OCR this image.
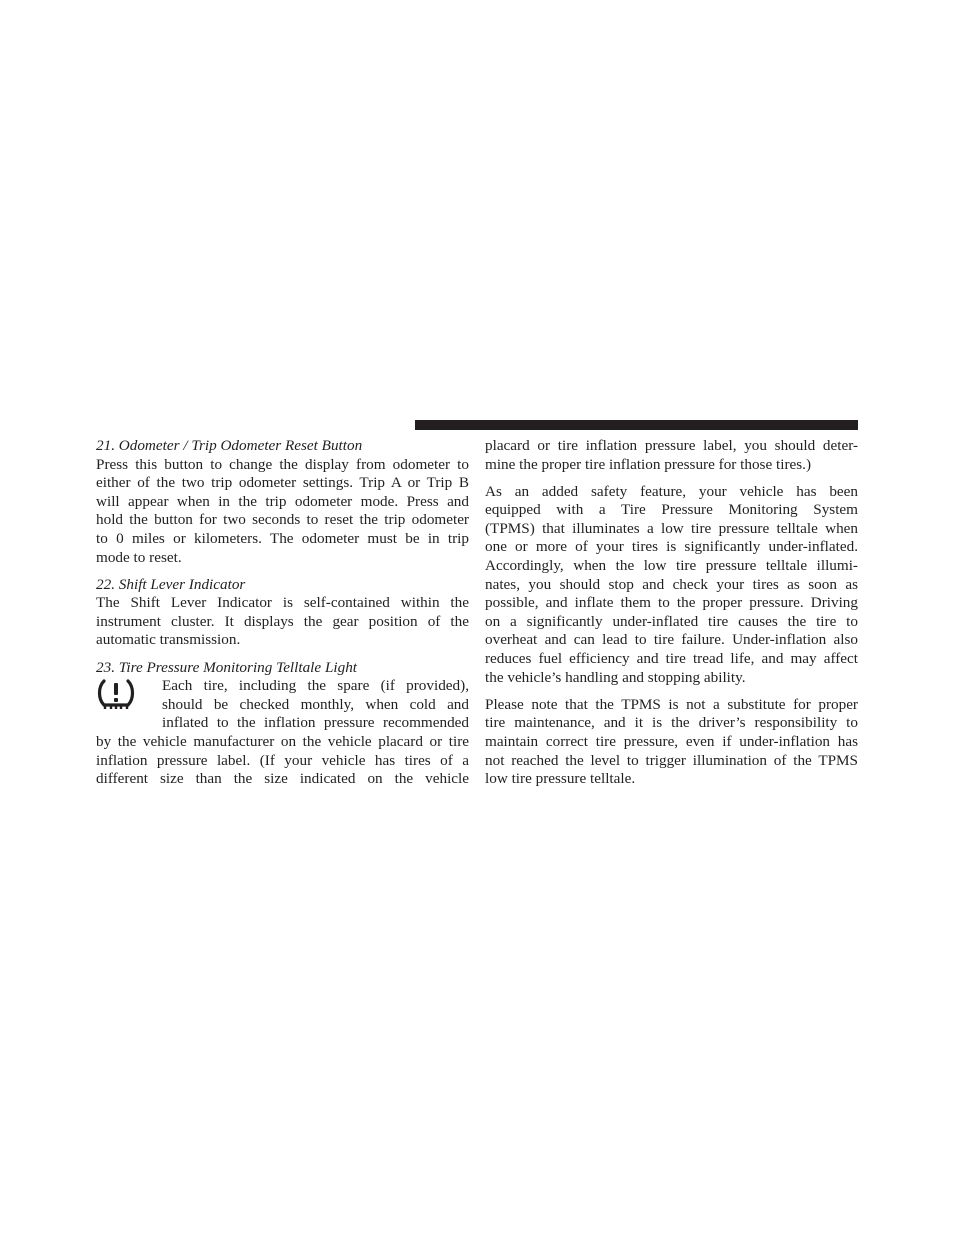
21. Odometer / Trip Odometer Reset Button

Press this button to change the display from odometer to
either of the two trip odometer settings. Trip A or Trip B
will appear when in the trip odometer mode. Press and
hold the button for two seconds to reset the trip odometer
to 0 miles or kilometers. The odometer must be in trip
mode to reset.

22. Shift Lever Indicator

The Shift Lever Indicator is self-contained within the
instrument cluster. It displays the gear position of the
automatic transmission.

23. Tire Pressure Monitoring Telltale Light

Each tire, including the spare (if provided),
should be checked monthly, when cold and
inflated to the inflation pressure recommended
by the vehicle manufacturer on the vehicle placard or tire
inflation pressure label. (If your vehicle has tires of a
different size than the size indicated on the vehicle
placard or tire inflation pressure label, you should deter-
mine the proper tire inflation pressure for those tires.)
As an added safety feature, your vehicle has been
equipped with a Tire Pressure Monitoring System
(TPMS) that illuminates a low tire pressure telltale when
one or more of your tires is significantly under-inflated.
Accordingly, when the low tire pressure telltale illumi-
nates, you should stop and check your tires as soon as
possible, and inflate them to the proper pressure. Driving
on a significantly under-inflated tire causes the tire to
overheat and can lead to tire failure. Under-inflation also
reduces fuel efficiency and tire tread life, and may affect
the vehicle’s handling and stopping ability.
Please note that the TPMS is not a substitute for proper
tire maintenance, and it is the driver’s responsibility to
maintain correct tire pressure, even if under-inflation has
not reached the level to trigger illumination of the TPMS
low tire pressure telltale.
